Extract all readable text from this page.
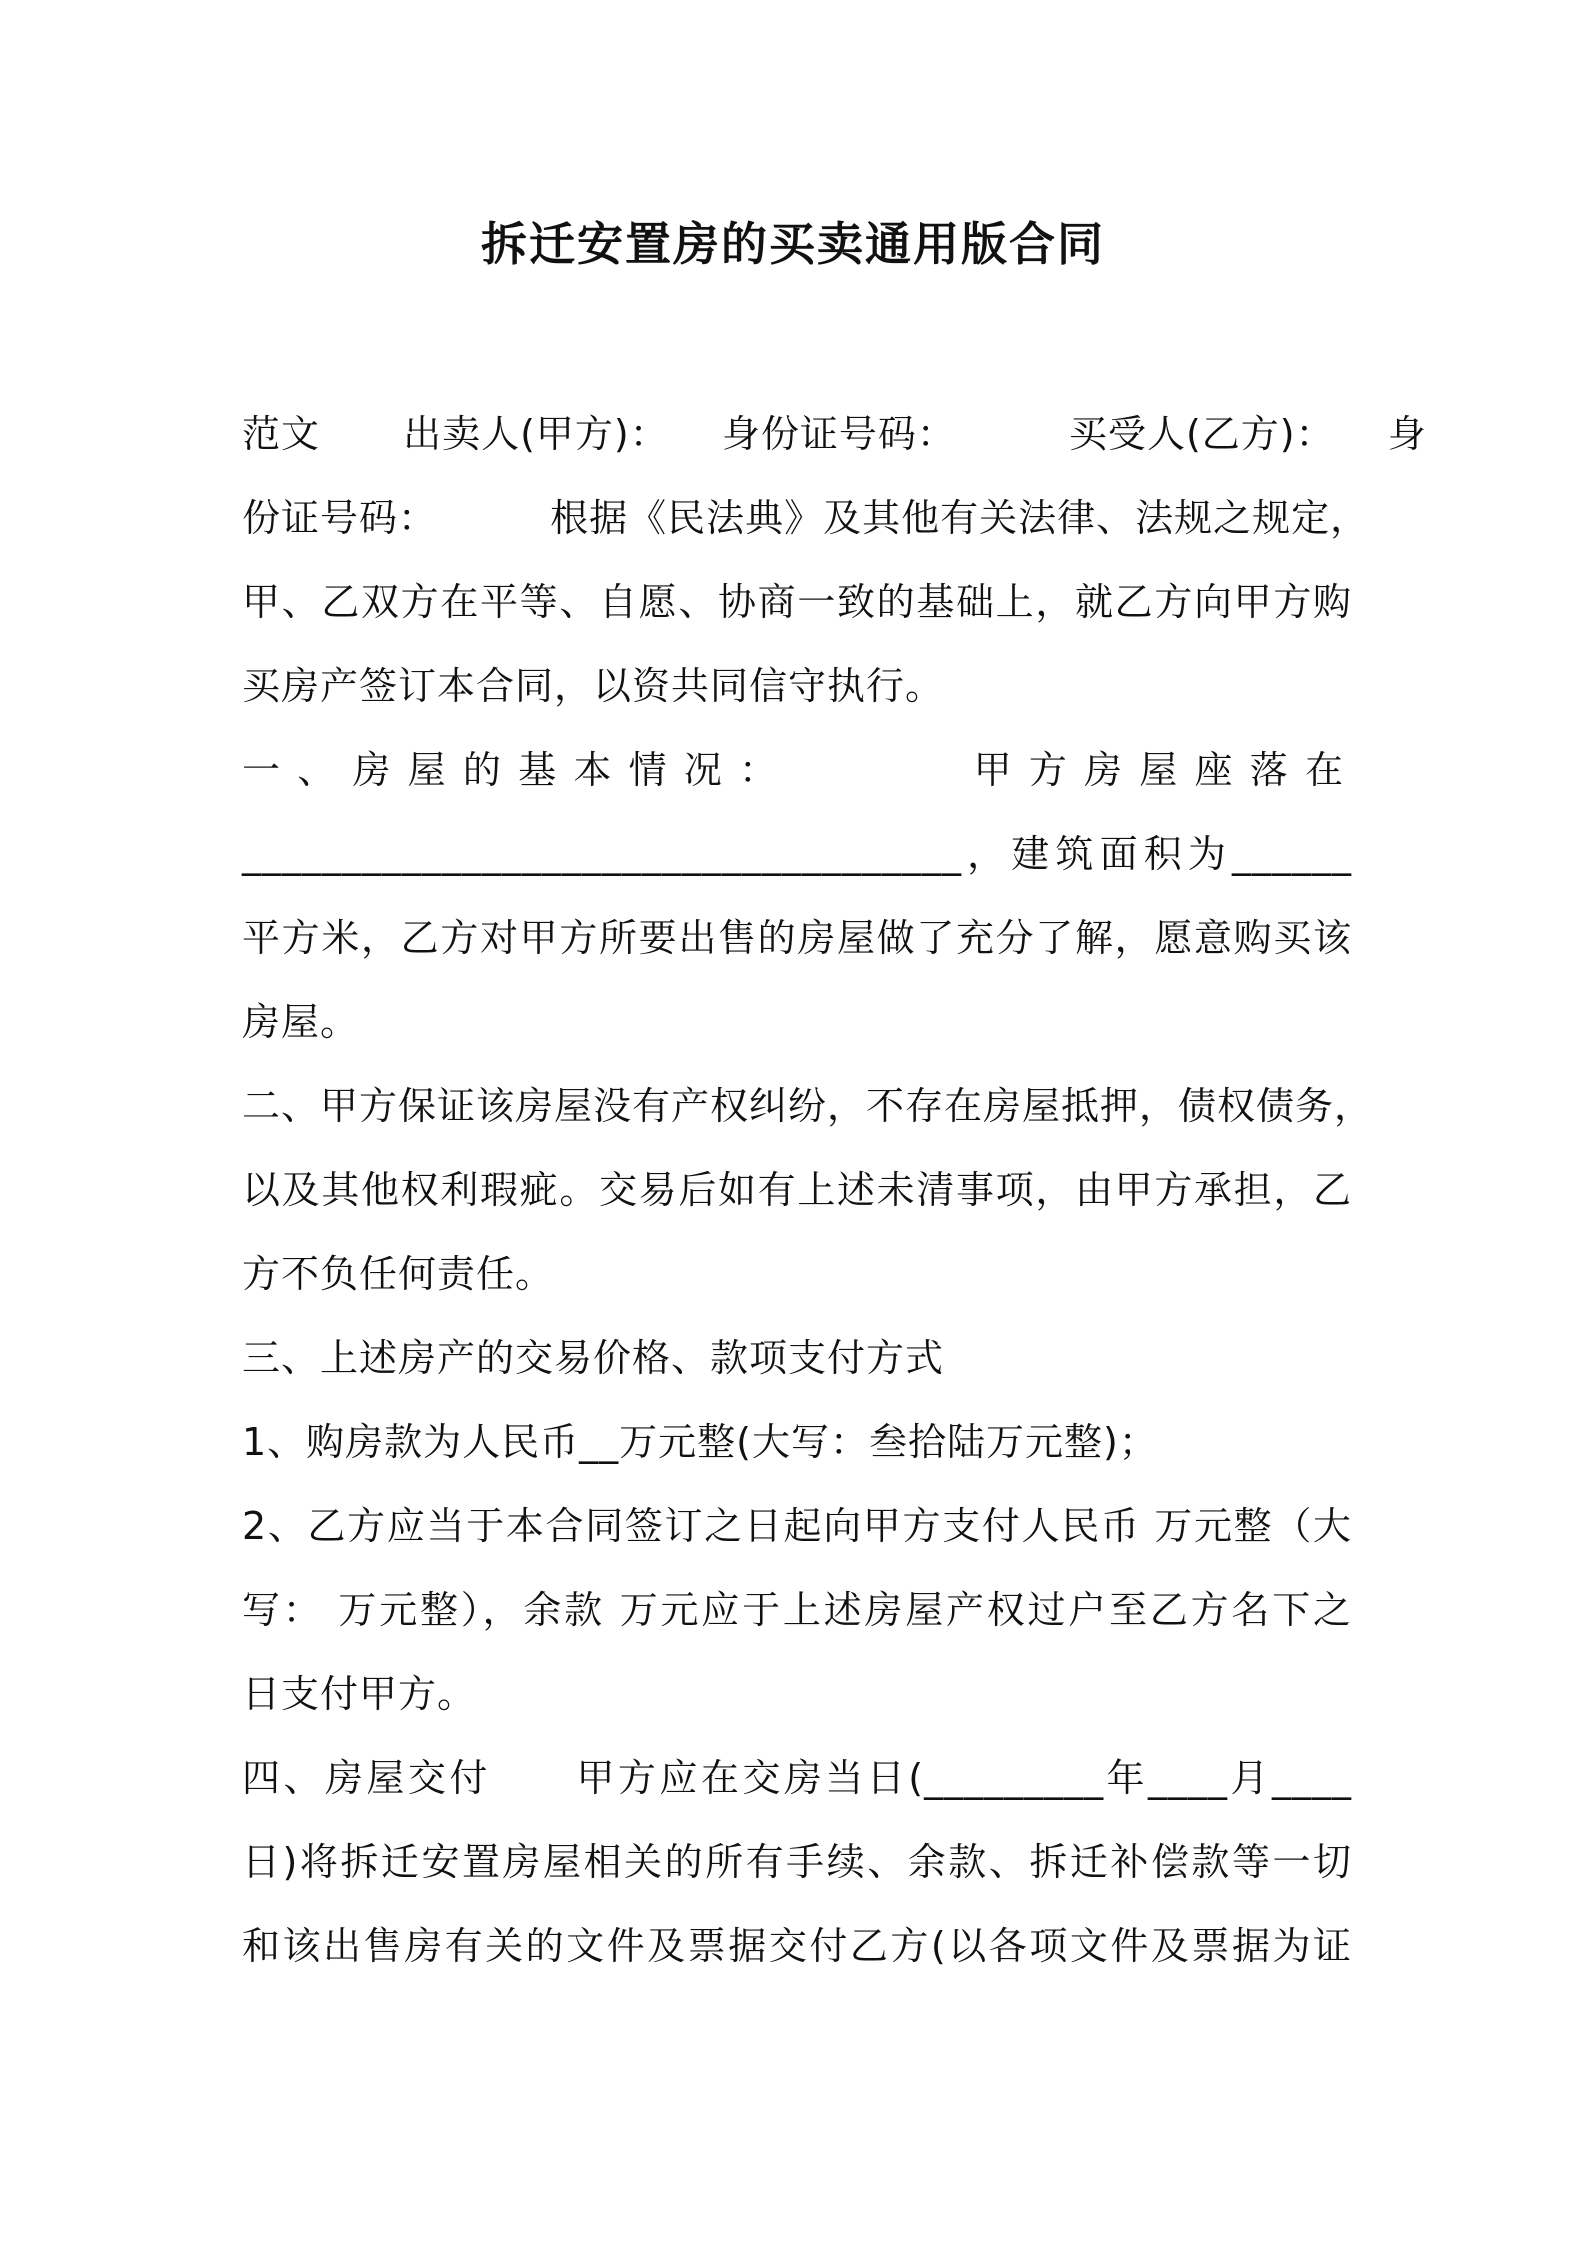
拆迁安置房的买卖通用版合同
范文 出卖人(甲方)： 身份证号码：	买受人(乙方)： 身
份证号码：	根据《民法典》及其他有关法律、法规之规定，
甲、乙双方在平等、自愿、协商一致的基础上，就乙方向甲方购
买房产签订本合同，以资共同信守执行。
一、房屋的基本情况：	甲方房屋座落在
____________________________________，建筑面积为______
平方米，乙方对甲方所要出售的房屋做了充分了解，愿意购买该
房屋。
二、甲方保证该房屋没有产权纠纷，不存在房屋抵押，债权债务，
以及其他权利瑕疵。交易后如有上述未清事项，由甲方承担，乙
方不负任何责任。
三、上述房产的交易价格、款项支付方式
1、购房款为人民币__万元整(大写：叁拾陆万元整)；
2、乙方应当于本合同签订之日起向甲方支付人民币 万元整（大
写： 万元整），余款 万元应于上述房屋产权过户至乙方名下之
日支付甲方。
四、房屋交付 甲方应在交房当日(_________年____月____
日)将拆迁安置房屋相关的所有手续、余款、拆迁补偿款等一切
和该出售房有关的文件及票据交付乙方(以各项文件及票据为证
